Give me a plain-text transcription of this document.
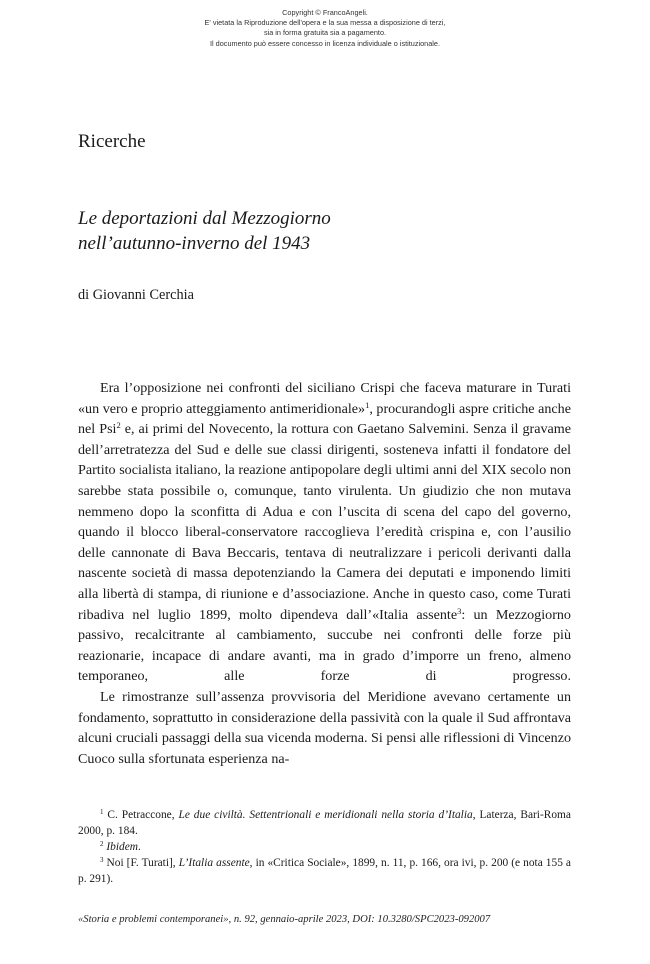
Copyright © FrancoAngeli.
E' vietata la Riproduzione dell'opera e la sua messa a disposizione di terzi,
sia in forma gratuita sia a pagamento.
Il documento può essere concesso in licenza individuale o istituzionale.
Ricerche
Le deportazioni dal Mezzogiorno
nell’autunno-inverno del 1943
di Giovanni Cerchia

Era l’opposizione nei confronti del siciliano Crispi che faceva maturare in Turati «un vero e proprio atteggiamento antimeridionale»$^1$, procurandogli aspre critiche anche nel Psi$^2$ e, ai primi del Novecento, la rottura con Gaetano Salvemini. Senza il gravame dell’arretratezza del Sud e delle sue classi dirigenti, sosteneva infatti il fondatore del Partito socialista italiano, la reazione antipopolare degli ultimi anni del XIX secolo non sarebbe stata possibile o, comunque, tanto virulenta. Un giudizio che non mutava nemmeno dopo la sconfitta di Adua e con l’uscita di scena del capo del governo, quando il blocco liberal-conservatore raccoglieva l’eredità crispina e, con l’ausilio delle cannonate di Bava Beccaris, tentava di neutralizzare i pericoli derivanti dalla nascente società di massa depotenziando la Camera dei deputati e imponendo limiti alla libertà di stampa, di riunione e d’associazione. Anche in questo caso, come Turati ribadiva nel luglio 1899, molto dipendeva dall’«Italia assente$^3$: un Mezzogiorno passivo, recalcitrante al cambiamento, succube nei confronti delle forze più reazionarie, incapace di andare avanti, ma in grado d’imporre un freno, almeno temporaneo, alle forze di progresso.

Le rimostranze sull’assenza provvisoria del Meridione avevano certamente un fondamento, soprattutto in considerazione della passività con la quale il Sud affrontava alcuni cruciali passaggi della sua vicenda moderna. Si pensi alle riflessioni di Vincenzo Cuoco sulla sfortunata esperienza na-

$^1$ C. Petraccone, Le due civiltà. Settentrionali e meridionali nella storia d’Italia, Laterza, Bari-Roma 2000, p. 184.
$^2$ Ibidem.
$^3$ Noi [F. Turati], L’Italia assente, in «Critica Sociale», 1899, n. 11, p. 166, ora ivi, p. 200 (e nota 155 a p. 291).
«Storia e problemi contemporanei», n. 92, gennaio-aprile 2023, DOI: 10.3280/SPC2023-092007
